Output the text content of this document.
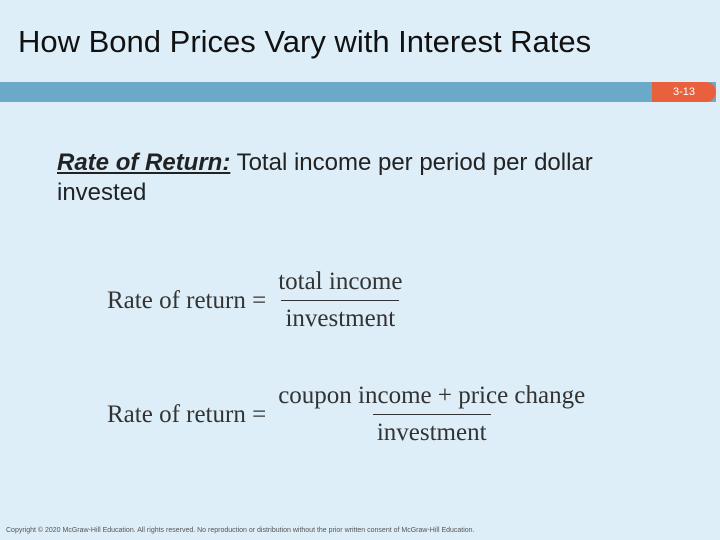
How Bond Prices Vary with Interest Rates
3-13
Rate of Return: Total income per period per dollar invested
Rate of return = $\frac{\text{total income}}{\text{investment}}$
Rate of return = $\frac{\text{coupon income + price change}}{\text{investment}}$
Copyright © 2020 McGraw-Hill Education. All rights reserved. No reproduction or distribution without the prior written consent of McGraw-Hill Education.
